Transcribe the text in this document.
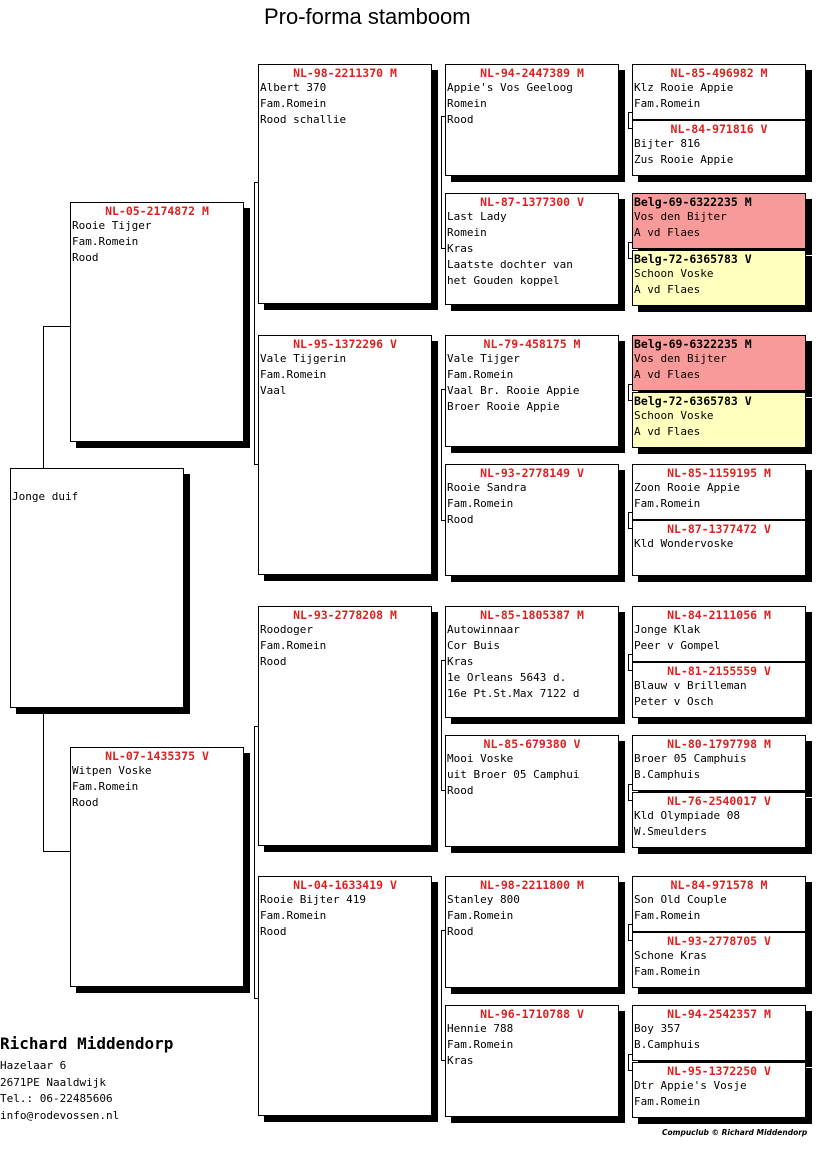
Pro-forma stamboom
Jonge duif
NL-05-2174872 M
Rooie Tijger
Fam.Romein
Rood
NL-07-1435375 V
Witpen Voske
Fam.Romein
Rood
NL-98-2211370 M
Albert 370
Fam.Romein
Rood schallie
NL-95-1372296 V
Vale Tijgerin
Fam.Romein
Vaal
NL-93-2778208 M
Roodoger
Fam.Romein
Rood
NL-04-1633419 V
Rooie Bijter 419
Fam.Romein
Rood
NL-94-2447389 M
Appie's Vos Geeloog
Romein
Rood
NL-87-1377300 V
Last Lady
Romein
Kras
Laatste dochter van
het Gouden koppel
NL-79-458175 M
Vale Tijger
Fam.Romein
Vaal Br. Rooie Appie
Broer Rooie Appie
NL-93-2778149 V
Rooie Sandra
Fam.Romein
Rood
NL-85-1805387 M
Autowinnaar
Cor Buis
Kras
1e Orleans 5643 d.
16e Pt.St.Max 7122 d
NL-85-679380 V
Mooi Voske
uit Broer 05 Camphui
Rood
NL-98-2211800 M
Stanley 800
Fam.Romein
Rood
NL-96-1710788 V
Hennie 788
Fam.Romein
Kras
NL-85-496982 M
Klz Rooie Appie
Fam.Romein
NL-84-971816 V
Bijter 816
Zus Rooie Appie
Belg-69-6322235 M
Vos den Bijter
A vd Flaes
Belg-72-6365783 V
Schoon Voske
A vd Flaes
Belg-69-6322235 M
Vos den Bijter
A vd Flaes
Belg-72-6365783 V
Schoon Voske
A vd Flaes
NL-85-1159195 M
Zoon Rooie Appie
Fam.Romein
NL-87-1377472 V
Kld Wondervoske
NL-84-2111056 M
Jonge Klak
Peer v Gompel
NL-81-2155559 V
Blauw v Brilleman
Peter v Osch
NL-80-1797798 M
Broer 05 Camphuis
B.Camphuis
NL-76-2540017 V
Kld Olympiade 08
W.Smeulders
NL-84-971578 M
Son Old Couple
Fam.Romein
NL-93-2778705 V
Schone Kras
Fam.Romein
NL-94-2542357 M
Boy 357
B.Camphuis
NL-95-1372250 V
Dtr Appie's Vosje
Fam.Romein
Richard Middendorp
Hazelaar 6
2671PE Naaldwijk
Tel.: 06-22485606
info@rodevossen.nl
Compuclub © Richard Middendorp
